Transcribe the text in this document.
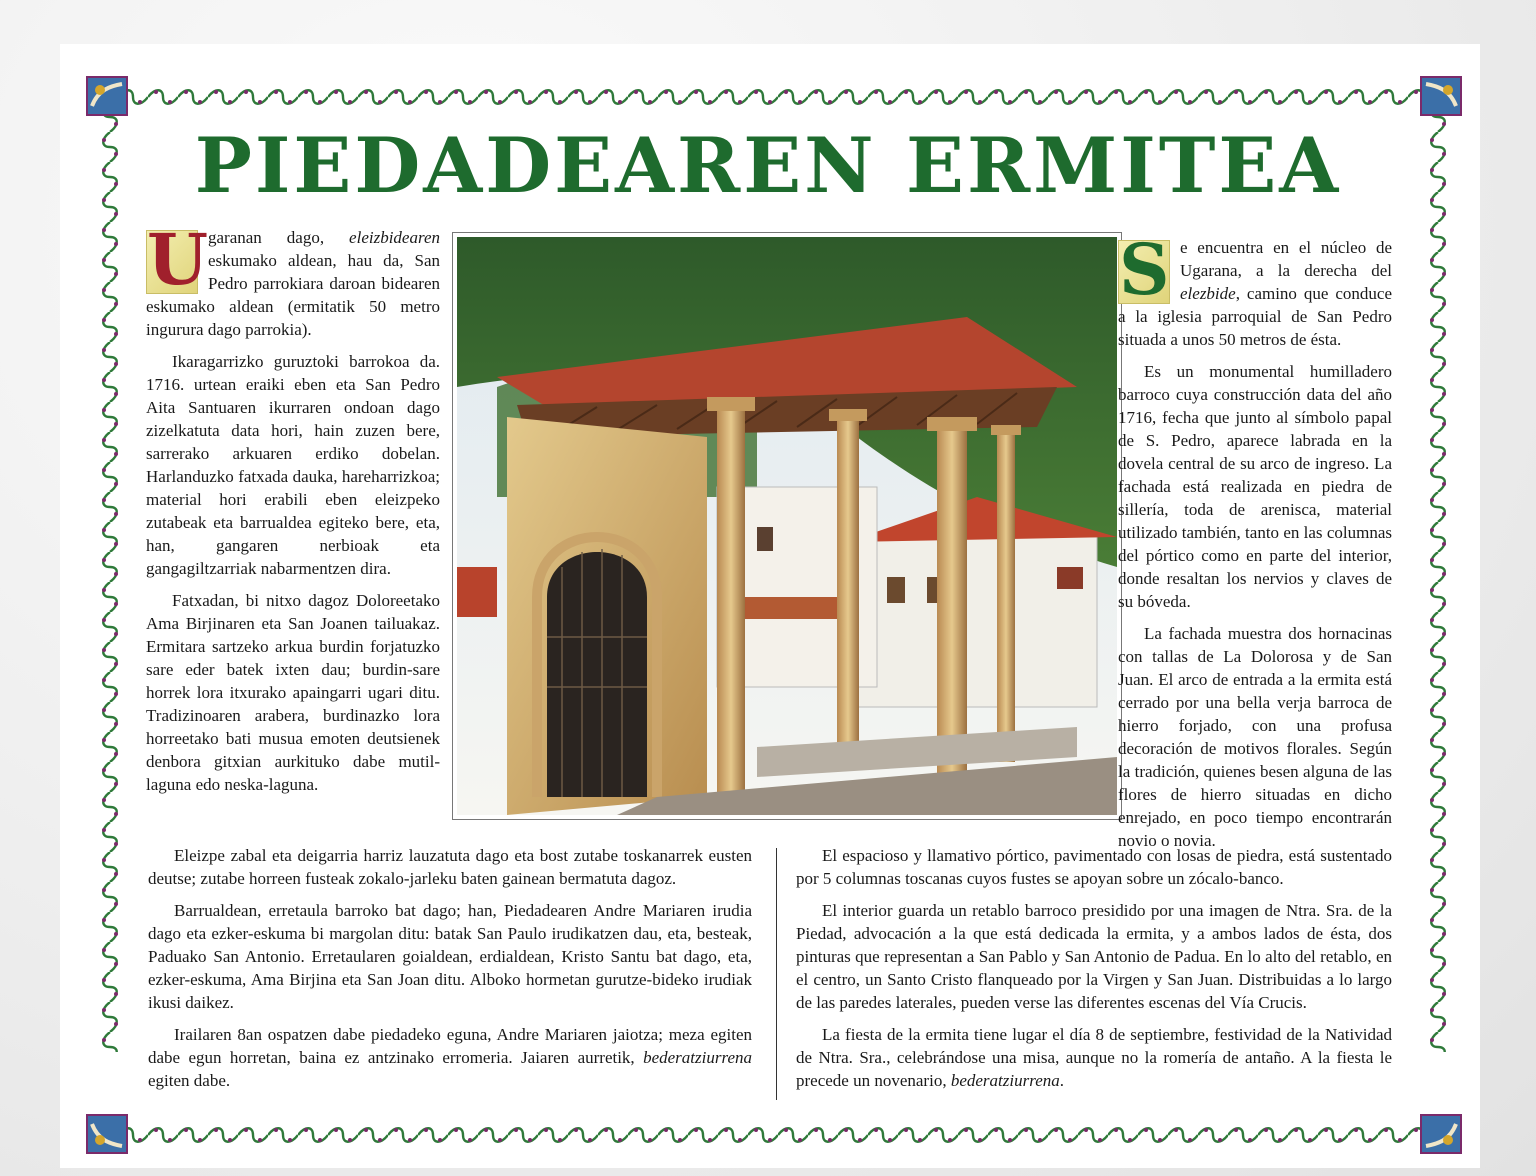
PIEDADEAREN ERMITEA

U garanan dago, eleizbidearen eskumako aldean, hau da, San Pedro parrokiara daroan bidearen eskumako aldean (ermitatik 50 metro ingurura dago parrokia).

Ikaragarrizko guruztoki barrokoa da. 1716. urtean eraiki eben eta San Pedro Aita Santuaren ikurraren ondoan dago zizelkatuta data hori, hain zuzen bere, sarrerako arkuaren erdiko dobelan. Harlanduzko fatxada dauka, hareharrizkoa; material hori erabili eben eleizpeko zutabeak eta barrualdea egiteko bere, eta, han, gangaren nerbioak eta gangagiltzarriak nabarmentzen dira.

Fatxadan, bi nitxo dagoz Doloreetako Ama Birjinaren eta San Joanen tailuakaz. Ermitara sartzeko arkua burdin forjatuzko sare eder batek ixten dau; burdin-sare horrek lora itxurako apaingarri ugari ditu. Tradizinoaren arabera, burdinazko lora horreetako bati musua emoten deutsienek denbora gitxian aurkituko dabe mutil-laguna edo neska-laguna.

S e encuentra en el núcleo de Ugarana, a la derecha del elezbide, camino que conduce a la iglesia parroquial de San Pedro situada a unos 50 metros de ésta.

Es un monumental humilladero barroco cuya construcción data del año 1716, fecha que junto al símbolo papal de S. Pedro, aparece labrada en la dovela central de su arco de ingreso. La fachada está realizada en piedra de sillería, toda de arenisca, material utilizado también, tanto en las columnas del pórtico como en parte del interior, donde resaltan los nervios y claves de su bóveda.

La fachada muestra dos hornacinas con tallas de La Dolorosa y de San Juan. El arco de entrada a la ermita está cerrado por una bella verja barroca de hierro forjado, con una profusa decoración de motivos florales. Según la tradición, quienes besen alguna de las flores de hierro situadas en dicho enrejado, en poco tiempo encontrarán novio o novia.

Eleizpe zabal eta deigarria harriz lauzatuta dago eta bost zutabe toskanarrek eusten deutse; zutabe horreen fusteak zokalo-jarleku baten gainean bermatuta dagoz.

Barrualdean, erretaula barroko bat dago; han, Piedadearen Andre Mariaren irudia dago eta ezker-eskuma bi margolan ditu: batak San Paulo irudikatzen dau, eta, besteak, Paduako San Antonio. Erretaularen goialdean, erdialdean, Kristo Santu bat dago, eta, ezker-eskuma, Ama Birjina eta San Joan ditu. Alboko hormetan gurutze-bideko irudiak ikusi daikez.

Irailaren 8an ospatzen dabe piedadeko eguna, Andre Mariaren jaiotza; meza egiten dabe egun horretan, baina ez antzinako erromeria. Jaiaren aurretik, bederatziurrena egiten dabe.

El espacioso y llamativo pórtico, pavimentado con losas de piedra, está sustentado por 5 columnas toscanas cuyos fustes se apoyan sobre un zócalo-banco.

El interior guarda un retablo barroco presidido por una imagen de Ntra. Sra. de la Piedad, advocación a la que está dedicada la ermita, y a ambos lados de ésta, dos pinturas que representan a San Pablo y San Antonio de Padua. En lo alto del retablo, en el centro, un Santo Cristo flanqueado por la Virgen y San Juan. Distribuidas a lo largo de las paredes laterales, pueden verse las diferentes escenas del Vía Crucis.

La fiesta de la ermita tiene lugar el día 8 de septiembre, festividad de la Natividad de Ntra. Sra., celebrándose una misa, aunque no la romería de antaño. A la fiesta le precede un novenario, bederatziurrena.
